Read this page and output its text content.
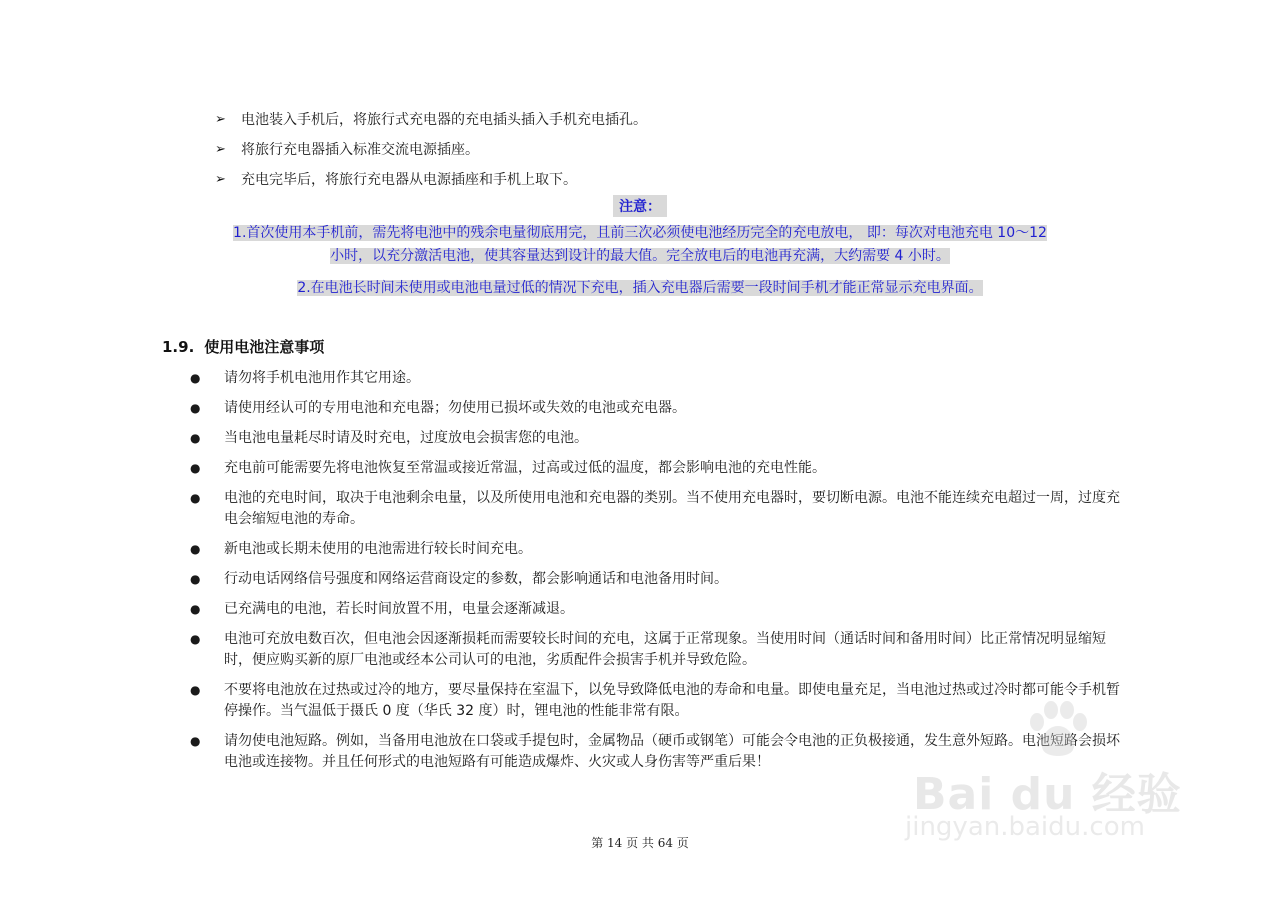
➢	电池装入手机后，将旅行式充电器的充电插头插入手机充电插孔。
➢	将旅行充电器插入标准交流电源插座。
➢	充电完毕后，将旅行充电器从电源插座和手机上取下。
注意：
1.首次使用本手机前，需先将电池中的残余电量彻底用完，且前三次必须使电池经历完全的充电放电， 即：每次对电池充电 10～12
小时，以充分激活电池，使其容量达到设计的最大值。完全放电后的电池再充满，大约需要 4 小时。
2.在电池长时间未使用或电池电量过低的情况下充电，插入充电器后需要一段时间手机才能正常显示充电界面。
1.9. 使用电池注意事项
●	请勿将手机电池用作其它用途。
●	请使用经认可的专用电池和充电器；勿使用已损坏或失效的电池或充电器。
●	当电池电量耗尽时请及时充电，过度放电会损害您的电池。
●	充电前可能需要先将电池恢复至常温或接近常温，过高或过低的温度，都会影响电池的充电性能。
●	电池的充电时间，取决于电池剩余电量，以及所使用电池和充电器的类别。当不使用充电器时，要切断电源。电池不能连续充电超过一周，过度充电会缩短电池的寿命。
●	新电池或长期未使用的电池需进行较长时间充电。
●	行动电话网络信号强度和网络运营商设定的参数，都会影响通话和电池备用时间。
●	已充满电的电池，若长时间放置不用，电量会逐渐减退。
●	电池可充放电数百次，但电池会因逐渐损耗而需要较长时间的充电，这属于正常现象。当使用时间（通话时间和备用时间）比正常情况明显缩短时，便应购买新的原厂电池或经本公司认可的电池，劣质配件会损害手机并导致危险。
●	不要将电池放在过热或过冷的地方，要尽量保持在室温下，以免导致降低电池的寿命和电量。即使电量充足，当电池过热或过冷时都可能令手机暂停操作。当气温低于摄氏 0 度（华氏 32 度）时，锂电池的性能非常有限。
●	请勿使电池短路。例如，当备用电池放在口袋或手提包时，金属物品（硬币或钢笔）可能会令电池的正负极接通，发生意外短路。电池短路会损坏电池或连接物。并且任何形式的电池短路有可能造成爆炸、火灾或人身伤害等严重后果！
第 14 页 共 64 页
Bai du 经验
jingyan.baidu.com
